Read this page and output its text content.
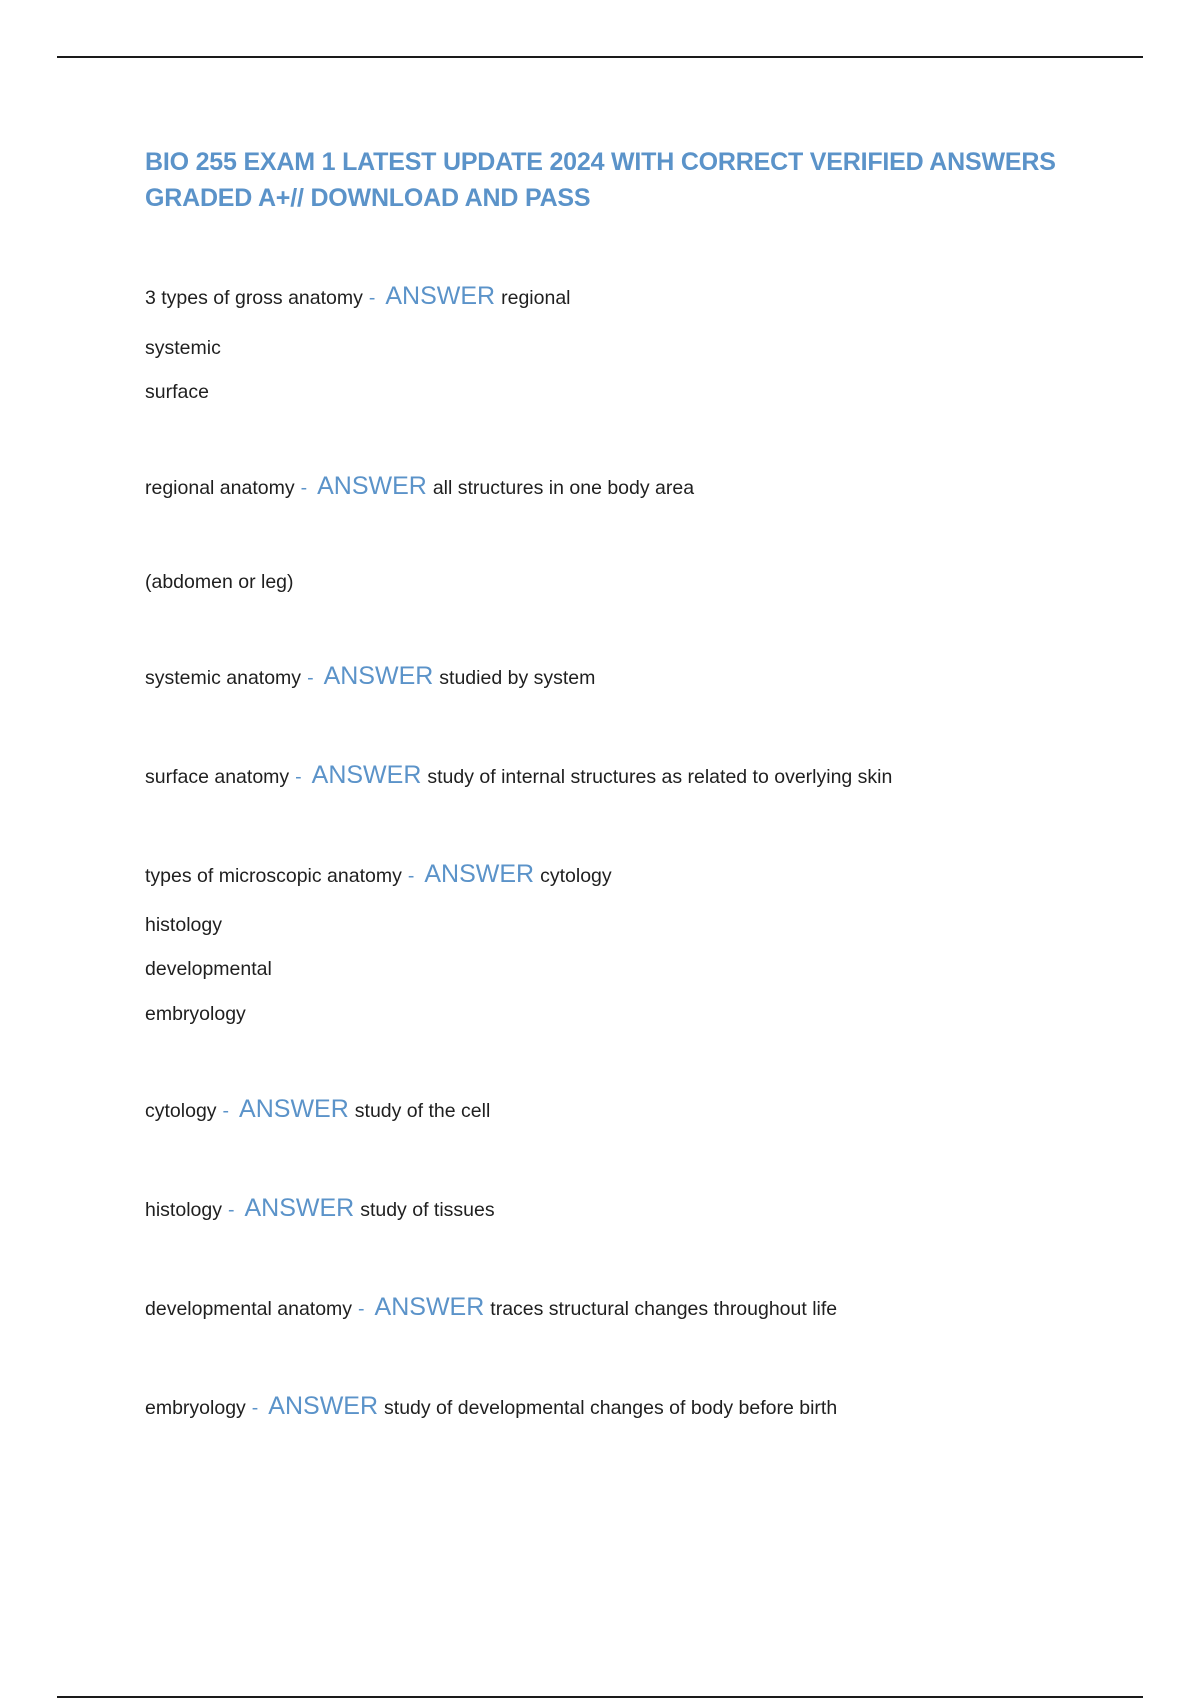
BIO 255 EXAM 1 LATEST UPDATE 2024 WITH CORRECT VERIFIED ANSWERS
GRADED A+// DOWNLOAD AND PASS
3 types of gross anatomy - ANSWER regional
systemic
surface
regional anatomy - ANSWER all structures in one body area
(abdomen or leg)
systemic anatomy - ANSWER studied by system
surface anatomy - ANSWER study of internal structures as related to overlying skin
types of microscopic anatomy - ANSWER cytology
histology
developmental
embryology
cytology - ANSWER study of the cell
histology - ANSWER study of tissues
developmental anatomy - ANSWER traces structural changes throughout life
embryology - ANSWER study of developmental changes of body before birth
